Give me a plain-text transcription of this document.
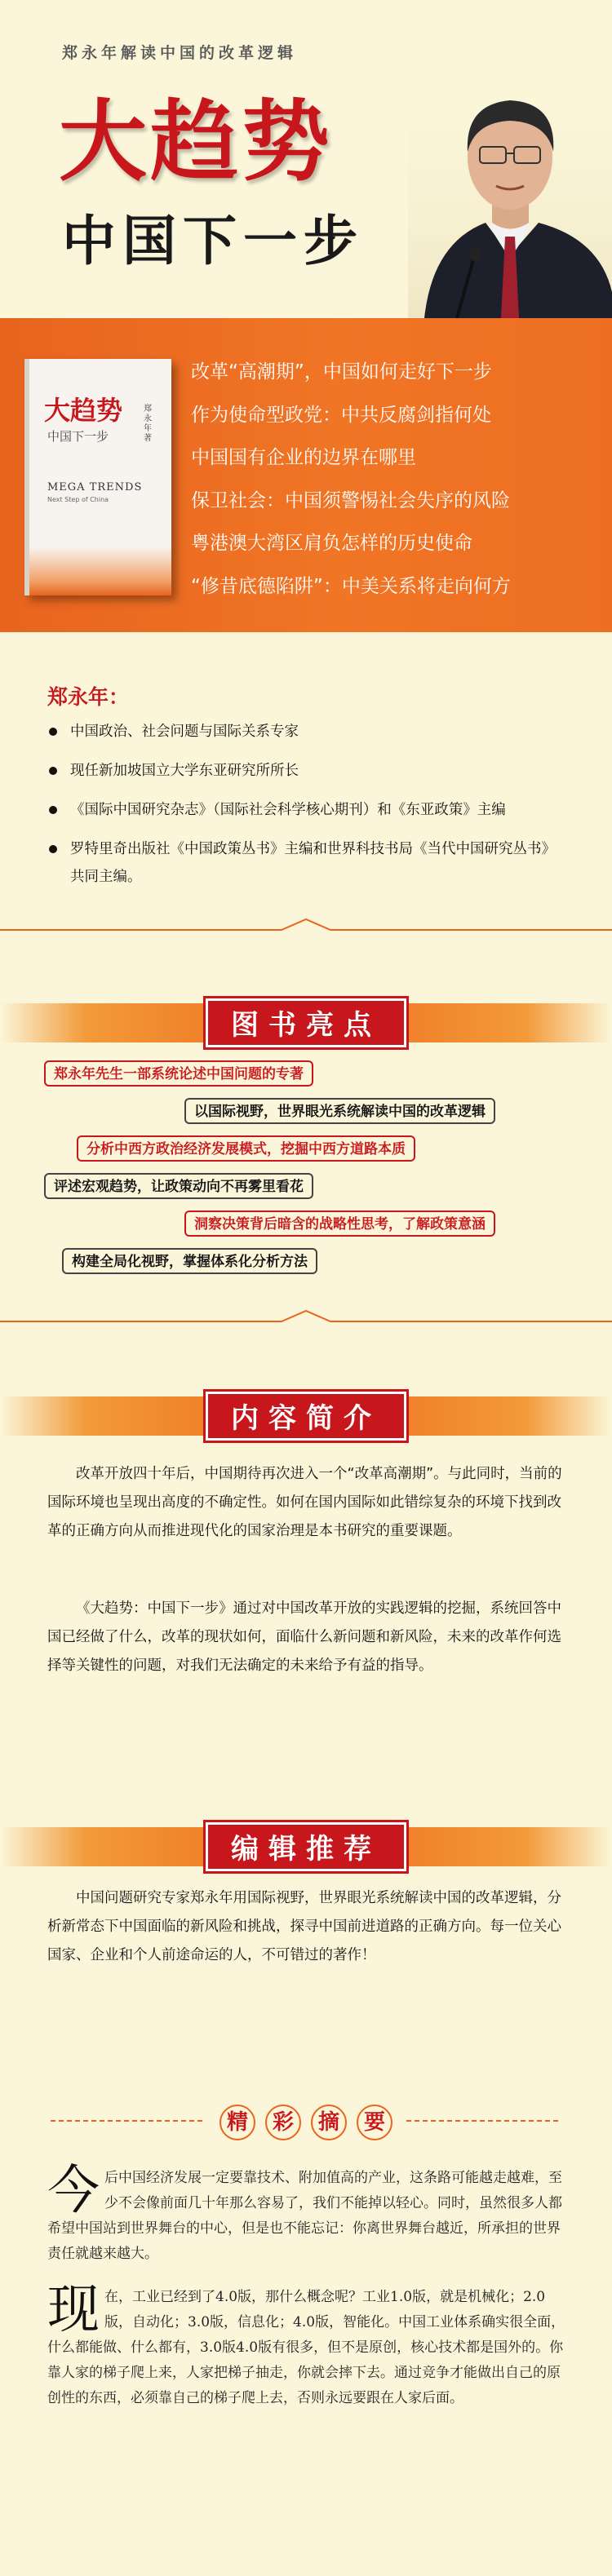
郑永年解读中国的改革逻辑
大趋势
中国下一步
大趋势
中国下一步
郑永年 著
MEGA TRENDS
Next Step of China
改革“高潮期”，中国如何走好下一步
作为使命型政党：中共反腐剑指何处
中国国有企业的边界在哪里
保卫社会：中国须警惕社会失序的风险
粤港澳大湾区肩负怎样的历史使命
“修昔底德陷阱”：中美关系将走向何方
郑永年：
中国政治、社会问题与国际关系专家
现任新加坡国立大学东亚研究所所长
《国际中国研究杂志》（国际社会科学核心期刊）和《东亚政策》主编
罗特里奇出版社《中国政策丛书》主编和世界科技书局《当代中国研究丛书》共同主编。
图书亮点
郑永年先生一部系统论述中国问题的专著
以国际视野，世界眼光系统解读中国的改革逻辑
分析中西方政治经济发展模式，挖掘中西方道路本质
评述宏观趋势，让政策动向不再雾里看花
洞察决策背后暗含的战略性思考，了解政策意涵
构建全局化视野，掌握体系化分析方法
内容简介

改革开放四十年后，中国期待再次进入一个“改革高潮期”。与此同时，当前的国际环境也呈现出高度的不确定性。如何在国内国际如此错综复杂的环境下找到改革的正确方向从而推进现代化的国家治理是本书研究的重要课题。

《大趋势：中国下一步》通过对中国改革开放的实践逻辑的挖掘，系统回答中国已经做了什么，改革的现状如何，面临什么新问题和新风险，未来的改革作何选择等关键性的问题，对我们无法确定的未来给予有益的指导。

编辑推荐

中国问题研究专家郑永年用国际视野，世界眼光系统解读中国的改革逻辑，分析新常态下中国面临的新风险和挑战，探寻中国前进道路的正确方向。每一位关心国家、企业和个人前途命运的人，不可错过的著作！

精	彩	摘	要

今后中国经济发展一定要靠技术、附加值高的产业，这条路可能越走越难，至少不会像前面几十年那么容易了，我们不能掉以轻心。同时，虽然很多人都希望中国站到世界舞台的中心，但是也不能忘记：你离世界舞台越近，所承担的世界责任就越来越大。

现在，工业已经到了4.0版，那什么概念呢？工业1.0版，就是机械化；2.0版，自动化；3.0版，信息化；4.0版，智能化。中国工业体系确实很全面，什么都能做、什么都有，3.0版4.0版有很多，但不是原创，核心技术都是国外的。你靠人家的梯子爬上来，人家把梯子抽走，你就会摔下去。通过竞争才能做出自己的原创性的东西，必须靠自己的梯子爬上去，否则永远要跟在人家后面。
